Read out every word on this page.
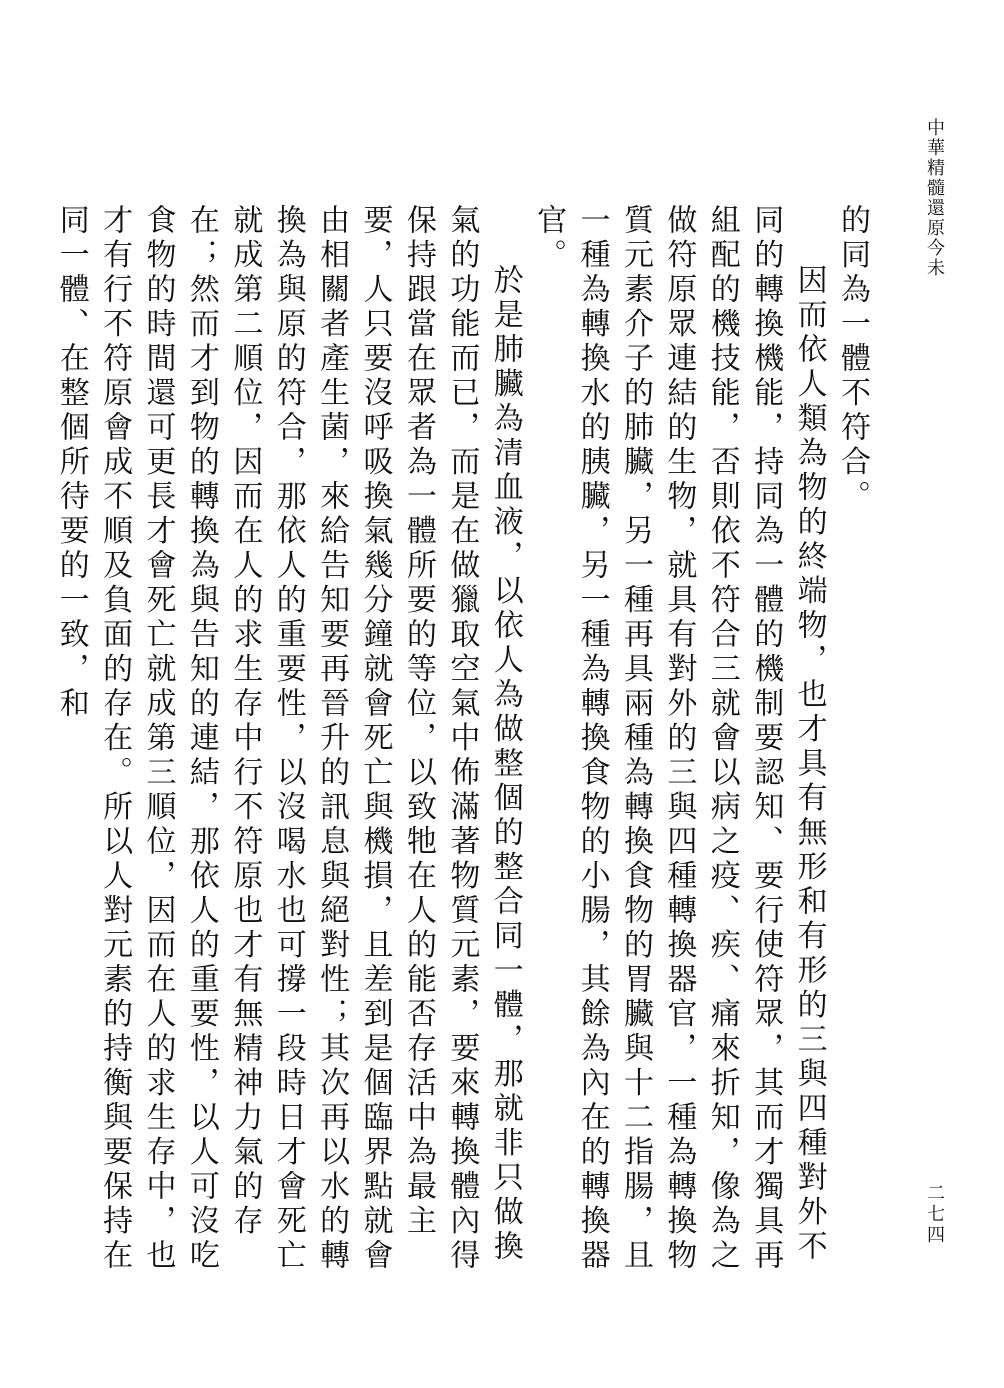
中華精髓還原今未
二七四

的同為一體不符合。

因而依人類為物的終端物，也才具有無形和有形的三與四種對外不同的轉換機能，持同為一體的機制要認知、要行使符眾，其而才獨具再組配的機技能，否則依不符合三就會以病之疫、疾、痛來折知，像為之做符原眾連結的生物，就具有對外的三與四種轉換器官，一種為轉換物質元素介子的肺臟，另一種再具兩種為轉換食物的胃臟與十二指腸，且一種為轉換水的胰臟，另一種為轉換食物的小腸，其餘為內在的轉換器官。

於是肺臟為清血液，以依人為做整個的整合同一體，那就非只做換氣的功能而已，而是在做獵取空氣中佈滿著物質元素，要來轉換體內得保持跟當在眾者為一體所要的等位，以致牠在人的能否存活中為最主要，人只要沒呼吸換氣幾分鐘就會死亡與機損，且差到是個臨界點就會由相關者產生菌，來給告知要再晉升的訊息與絕對性；其次再以水的轉換為與原的符合，那依人的重要性，以沒喝水也可撐一段時日才會死亡就成第二順位，因而在人的求生存中行不符原也才有無精神力氣的存在；然而才到物的轉換為與告知的連結，那依人的重要性，以人可沒吃食物的時間還可更長才會死亡就成第三順位，因而在人的求生存中，也才有行不符原會成不順及負面的存在。所以人對元素的持衡與要保持在同一體、在整個所待要的一致，和
